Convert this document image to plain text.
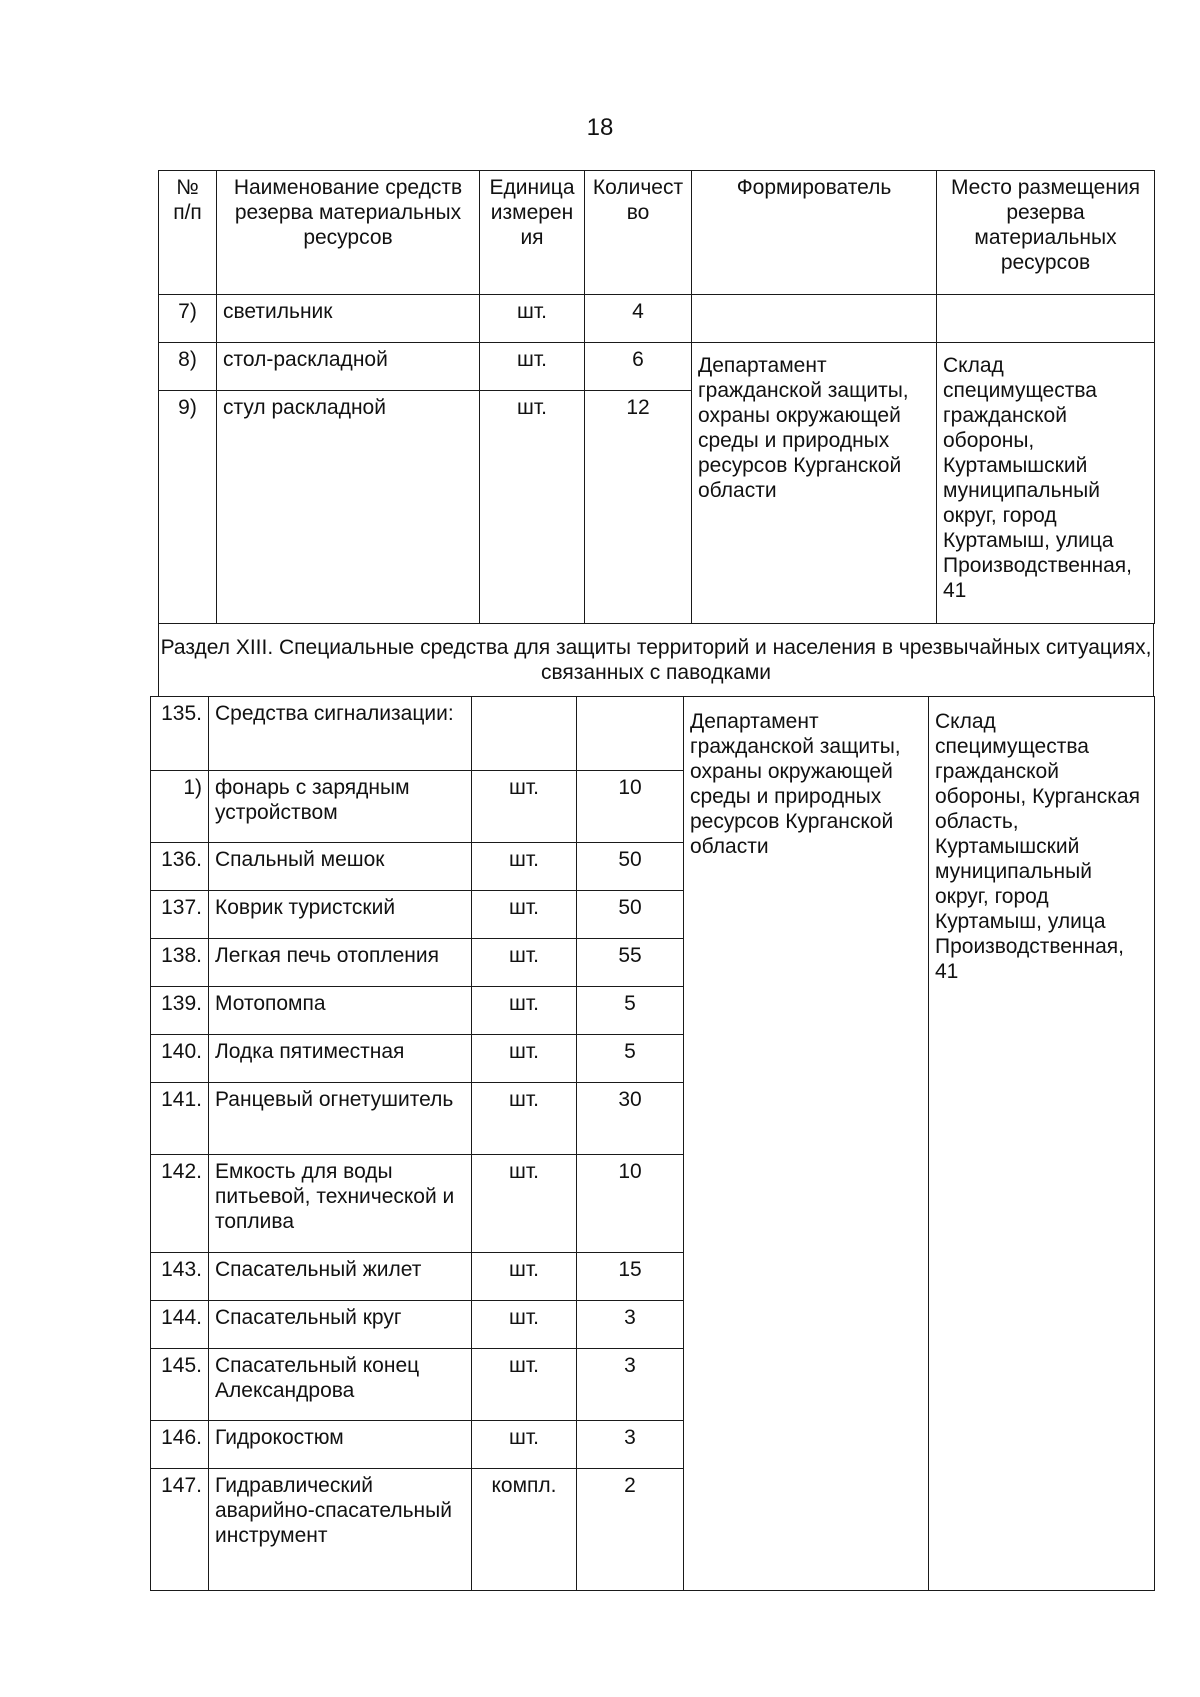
18
№ п/п	Наименование средств резерва материальных ресурсов	Единица измерен ия	Количест во	Формирователь	Место размещения резерва материальных ресурсов
7)	светильник	шт.	4		
8)	стол-раскладной	шт.	6	Департамент гражданской защиты, охраны окружающей среды и природных ресурсов Курганской области	Склад специмущества гражданской обороны, Куртамышский муниципальный округ, город Куртамыш, улица Производственная, 41
9)	стул раскладной	шт.	12		
Раздел XIII. Специальные средства для защиты территорий и населения в чрезвычайных ситуациях, связанных с паводками
135.	Средства сигнализации:			Департамент гражданской защиты, охраны окружающей среды и природных ресурсов Курганской области	Склад специмущества гражданской обороны, Курганская область, Куртамышский муниципальный округ, город Куртамыш, улица Производственная, 41
1)	фонарь с зарядным устройством	шт.	10		
136.	Спальный мешок	шт.	50		
137.	Коврик туристский	шт.	50		
138.	Легкая печь отопления	шт.	55		
139.	Мотопомпа	шт.	5		
140.	Лодка пятиместная	шт.	5		
141.	Ранцевый огнетушитель	шт.	30		
142.	Емкость для воды питьевой, технической и топлива	шт.	10		
143.	Спасательный жилет	шт.	15		
144.	Спасательный круг	шт.	3		
145.	Спасательный конец Александрова	шт.	3		
146.	Гидрокостюм	шт.	3		
147.	Гидравлический аварийно-спасательный инструмент	компл.	2		
